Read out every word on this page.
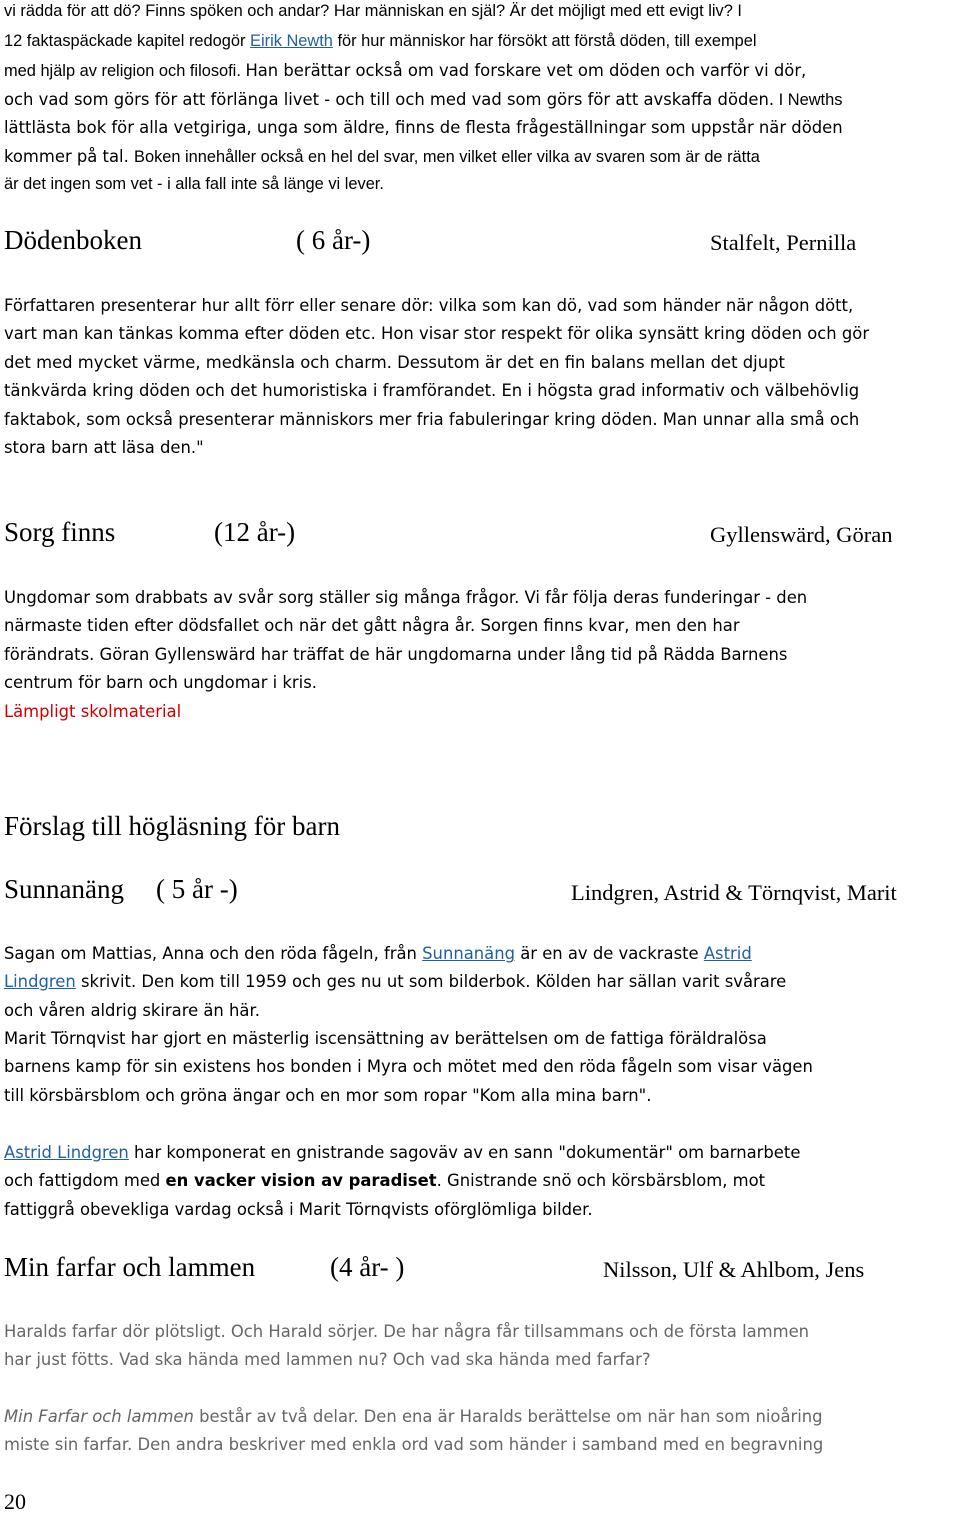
vi rädda för att dö? Finns spöken och andar? Har människan en själ? Är det möjligt med ett evigt liv? I
12 faktaspäckade kapitel redogör Eirik Newth för hur människor har försökt att förstå döden, till exempel
med hjälp av religion och filosofi. Han berättar också om vad forskare vet om döden och varför vi dör,
och vad som görs för att förlänga livet - och till och med vad som görs för att avskaffa döden. I Newths
lättlästa bok för alla vetgiriga, unga som äldre, finns de flesta frågeställningar som uppstår när döden
kommer på tal. Boken innehåller också en hel del svar, men vilket eller vilka av svaren som är de rätta
är det ingen som vet - i alla fall inte så länge vi lever.
Dödenboken	( 6 år-)	Stalfelt, Pernilla
Författaren presenterar hur allt förr eller senare dör: vilka som kan dö, vad som händer när någon dött,
vart man kan tänkas komma efter döden etc. Hon visar stor respekt för olika synsätt kring döden och gör
det med mycket värme, medkänsla och charm. Dessutom är det en fin balans mellan det djupt
tänkvärda kring döden och det humoristiska i framförandet. En i högsta grad informativ och välbehövlig
faktabok, som också presenterar människors mer fria fabuleringar kring döden. Man unnar alla små och
stora barn att läsa den."
Sorg finns	(12 år-)	Gyllenswärd, Göran
Ungdomar som drabbats av svår sorg ställer sig många frågor. Vi får följa deras funderingar - den
närmaste tiden efter dödsfallet och när det gått några år. Sorgen finns kvar, men den har
förändrats. Göran Gyllenswärd har träffat de här ungdomarna under lång tid på Rädda Barnens
centrum för barn och ungdomar i kris.
Lämpligt skolmaterial
Förslag till högläsning för barn
Sunnanäng ( 5 år -)	Lindgren, Astrid & Törnqvist, Marit
Sagan om Mattias, Anna och den röda fågeln, från Sunnanäng är en av de vackraste Astrid
Lindgren skrivit. Den kom till 1959 och ges nu ut som bilderbok. Kölden har sällan varit svårare
och våren aldrig skirare än här.
Marit Törnqvist har gjort en mästerlig iscensättning av berättelsen om de fattiga föräldralösa
barnens kamp för sin existens hos bonden i Myra och mötet med den röda fågeln som visar vägen
till körsbärsblom och gröna ängar och en mor som ropar "Kom alla mina barn".
Astrid Lindgren har komponerat en gnistrande sagoväv av en sann "dokumentär" om barnarbete
och fattigdom med en vacker vision av paradiset. Gnistrande snö och körsbärsblom, mot
fattiggrå obevekliga vardag också i Marit Törnqvists oförglömliga bilder.
Min farfar och lammen	(4 år- )	Nilsson, Ulf & Ahlbom, Jens
Haralds farfar dör plötsligt. Och Harald sörjer. De har några får tillsammans och de första lammen
har just fötts. Vad ska hända med lammen nu? Och vad ska hända med farfar?
Min Farfar och lammen består av två delar. Den ena är Haralds berättelse om när han som nioåring
miste sin farfar. Den andra beskriver med enkla ord vad som händer i samband med en begravning
20
